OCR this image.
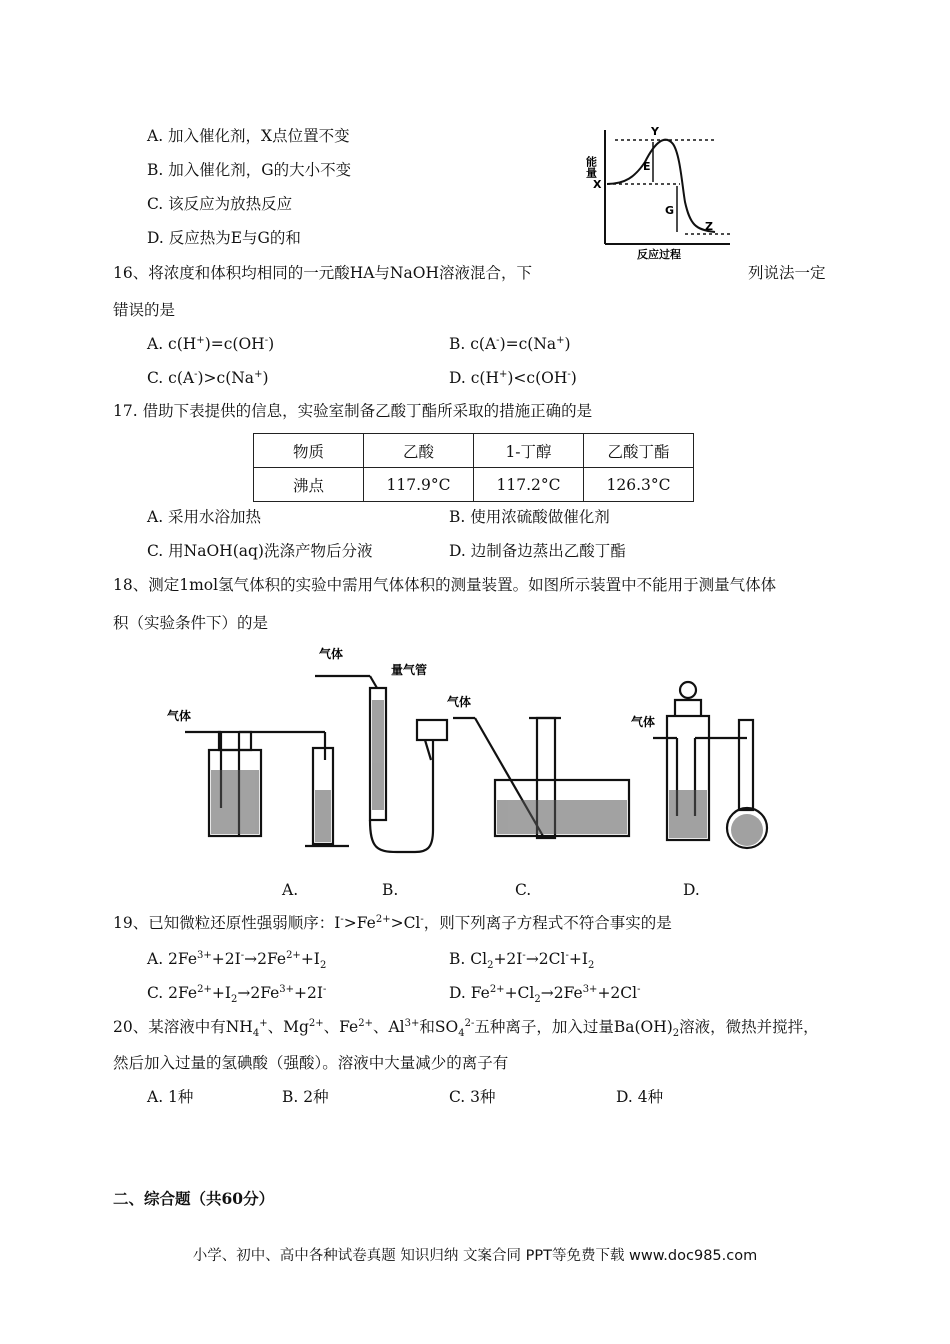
A. 加入催化剂，X点位置不变
B. 加入催化剂，G的大小不变
C. 该反应为放热反应
D. 反应热为E与G的和
能量
反应过程
Y
X
Z
E
G
16、将浓度和体积均相同的一元酸HA与NaOH溶液混合，下	列说法一定
错误的是
A. c(H+)=c(OH-)	B. c(A-)=c(Na+)
C. c(A-)>c(Na+)	D. c(H+)<c(OH-)
17. 借助下表提供的信息，实验室制备乙酸丁酯所采取的措施正确的是
物质	乙酸	1-丁醇	乙酸丁酯
沸点	117.9°C	117.2°C	126.3°C
A. 采用水浴加热	B. 使用浓硫酸做催化剂
C. 用NaOH(aq)洗涤产物后分液	D. 边制备边蒸出乙酸丁酯
18、测定1mol氢气体积的实验中需用气体体积的测量装置。如图所示装置中不能用于测量气体体
积（实验条件下）的是
气体
气体
量气管
气体
气体
A.	B.	C.	D.
19、已知微粒还原性强弱顺序：$I^->Fe^{2+}>Cl^-$，则下列离子方程式不符合事实的是
A. $2Fe^{3+}+2I^-\to 2Fe^{2+}+I_2$	B. $Cl_2+2I^-\to 2Cl^-+I_2$
C. $2Fe^{2+}+I_2\to 2Fe^{3+}+2I^-$	D. $Fe^{2+}+Cl_2\to 2Fe^{3+}+2Cl^-$
20、某溶液中有$NH_4^+$、$Mg^{2+}$、$Fe^{2+}$、$Al^{3+}$和$SO_4^{2-}$五种离子，加入过量$Ba(OH)_2$溶液，微热并搅拌，
然后加入过量的氢碘酸（强酸）。溶液中大量减少的离子有
A. 1种	B. 2种	C. 3种	D. 4种
二、综合题（共60分）
小学、初中、高中各种试卷真题 知识归纳 文案合同 PPT等免费下载 www.doc985.com
